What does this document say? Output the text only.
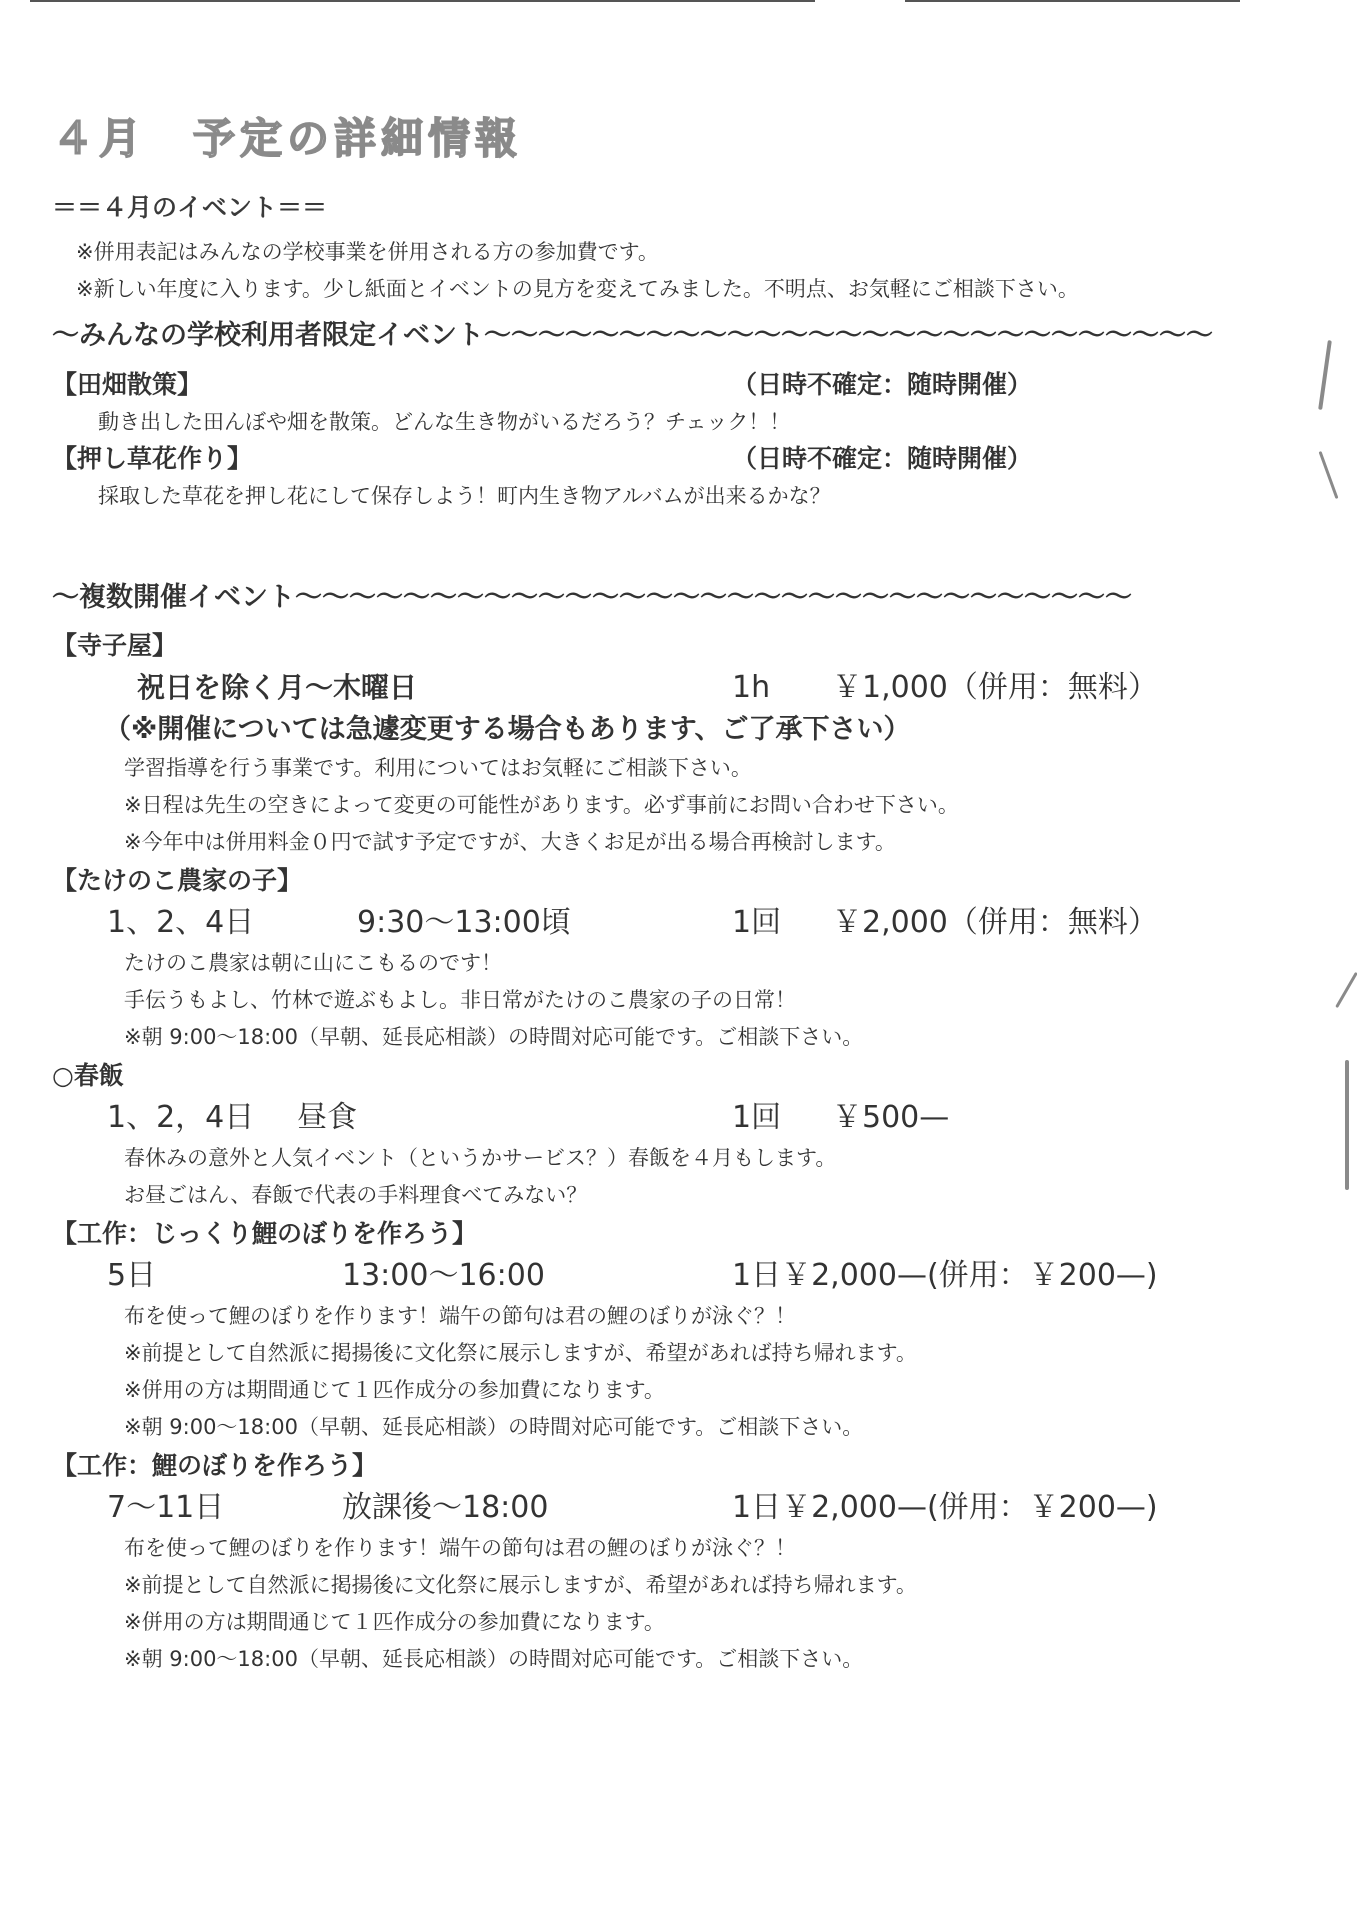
４月　予定の詳細情報
＝＝４月のイベント＝＝
※併用表記はみんなの学校事業を併用される方の参加費です。
※新しい年度に入ります。少し紙面とイベントの見方を変えてみました。不明点、お気軽にご相談下さい。
～みんなの学校利用者限定イベント～～～～～～～～～～～～～～～～～～～～～～～～～～～
【田畑散策】	（日時不確定：随時開催）
動き出した田んぼや畑を散策。どんな生き物がいるだろう？チェック！！
【押し草花作り】	（日時不確定：随時開催）
採取した草花を押し花にして保存しよう！町内生き物アルバムが出来るかな？
～複数開催イベント～～～～～～～～～～～～～～～～～～～～～～～～～～～～～～～
【寺子屋】
祝日を除く月～木曜日	1h ￥1,000（併用：無料）
（※開催については急遽変更する場合もあります、ご了承下さい）
学習指導を行う事業です。利用についてはお気軽にご相談下さい。
※日程は先生の空きによって変更の可能性があります。必ず事前にお問い合わせ下さい。
※今年中は併用料金０円で試す予定ですが、大きくお足が出る場合再検討します。
【たけのこ農家の子】
1、2、4日	9:30～13:00頃	1回 ￥2,000（併用：無料）
たけのこ農家は朝に山にこもるのです！
手伝うもよし、竹林で遊ぶもよし。非日常がたけのこ農家の子の日常！
※朝 9:00～18:00（早朝、延長応相談）の時間対応可能です。ご相談下さい。
○春飯
1、2，4日 昼食	1回 ￥500—
春休みの意外と人気イベント（というかサービス？）春飯を４月もします。
お昼ごはん、春飯で代表の手料理食べてみない？
【工作：じっくり鯉のぼりを作ろう】
5日	13:00～16:00	1日￥2,000—(併用：￥200—)
布を使って鯉のぼりを作ります！端午の節句は君の鯉のぼりが泳ぐ？！
※前提として自然派に掲揚後に文化祭に展示しますが、希望があれば持ち帰れます。
※併用の方は期間通じて１匹作成分の参加費になります。
※朝 9:00～18:00（早朝、延長応相談）の時間対応可能です。ご相談下さい。
【工作：鯉のぼりを作ろう】
7～11日	放課後～18:00	1日￥2,000—(併用：￥200—)
布を使って鯉のぼりを作ります！端午の節句は君の鯉のぼりが泳ぐ？！
※前提として自然派に掲揚後に文化祭に展示しますが、希望があれば持ち帰れます。
※併用の方は期間通じて１匹作成分の参加費になります。
※朝 9:00～18:00（早朝、延長応相談）の時間対応可能です。ご相談下さい。
